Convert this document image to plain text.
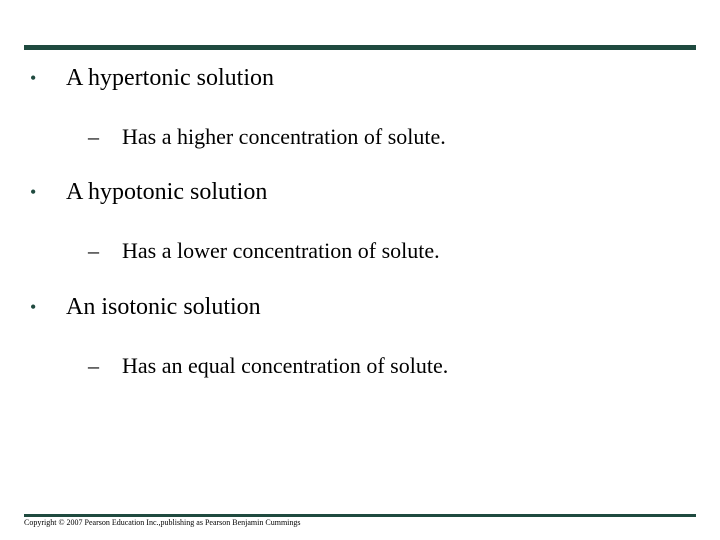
• A hypertonic solution
– Has a higher concentration of solute.
• A hypotonic solution
– Has a lower concentration of solute.
• An isotonic solution
– Has an equal concentration of solute.
Copyright © 2007 Pearson Education Inc.,publishing as Pearson Benjamin Cummings
